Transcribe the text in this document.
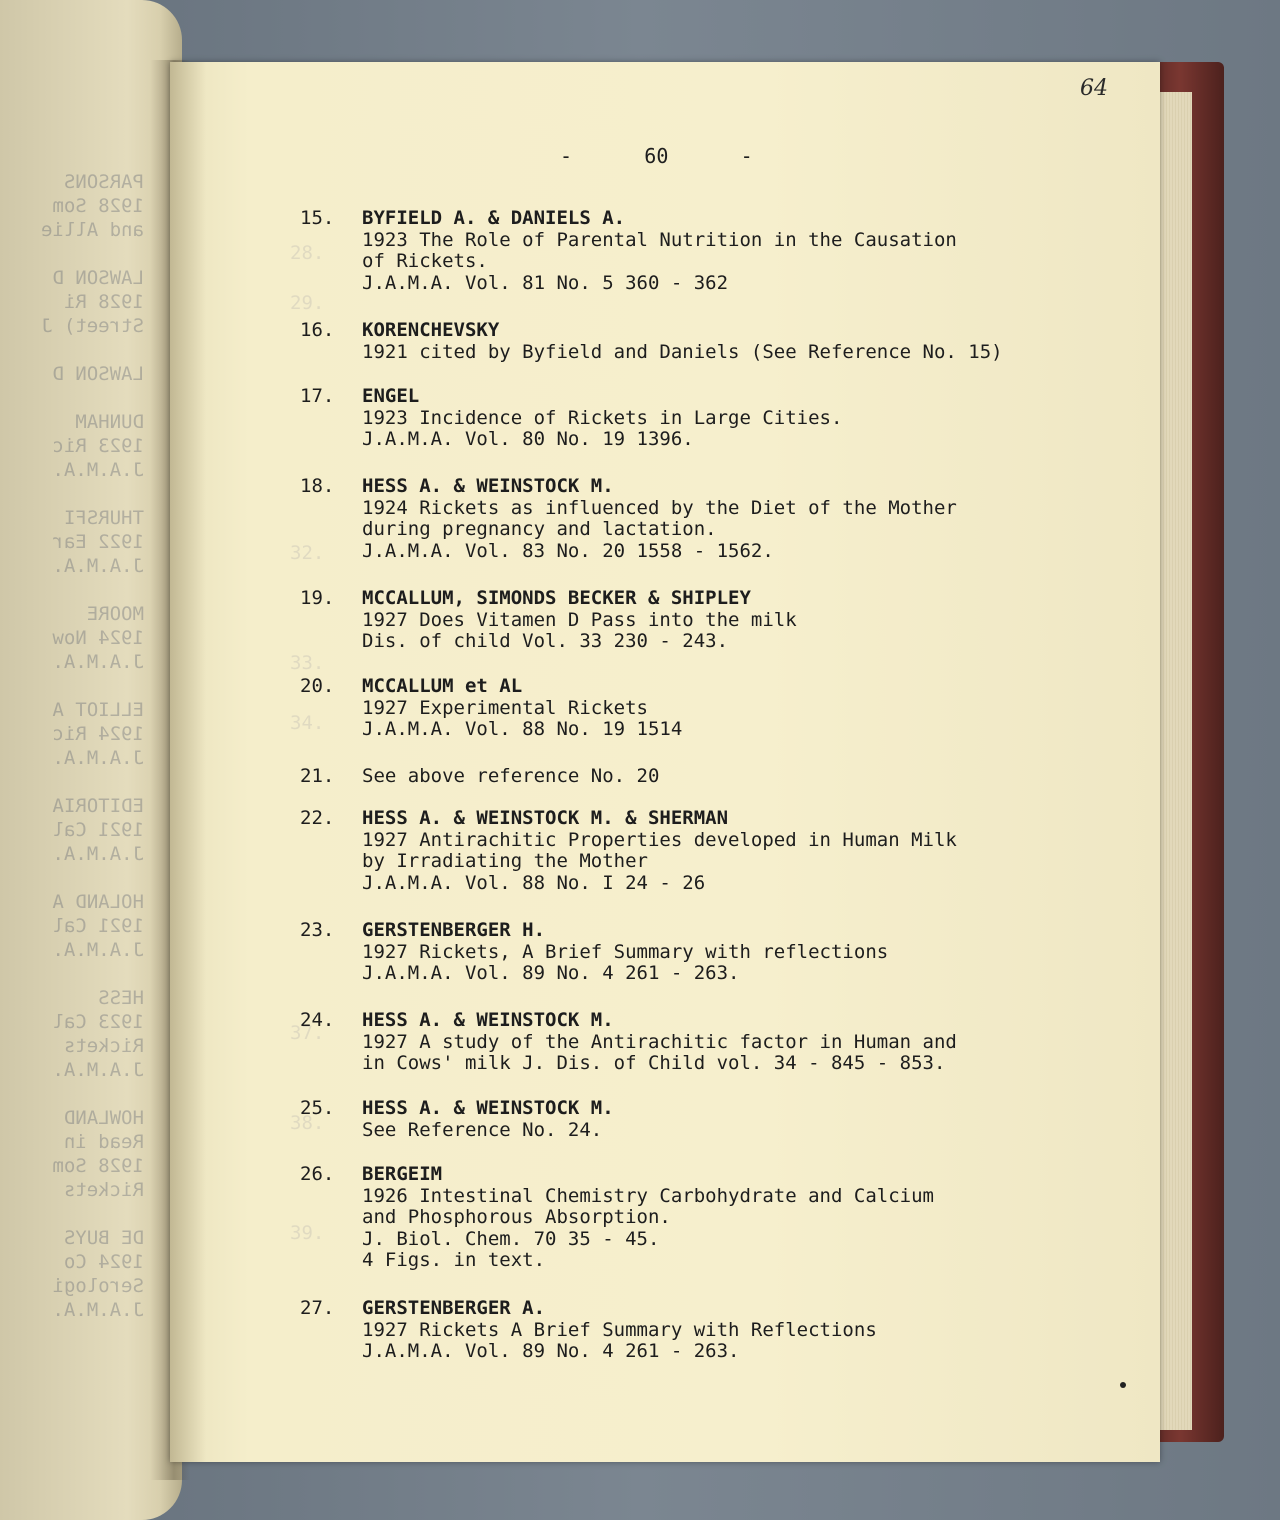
PARSONS
1928 Som
and Allie

LAWSON D
1928 Ri
Street) J

LAWSON D

DUNHAM
1923 Ric
J.A.M.A.

THURSFI
1922 Ear
J.A.M.A.

MOORE
1924 Now
J.A.M.A.

ELLIOT A
1924 Ric
J.A.M.A.

EDITORIA
1921 Cal
J.A.M.A.

HOLAND A
1921 Cal
J.A.M.A.

HESS
1923 Cal
Rickets
J.A.M.A.

HOWLAND
Read in
1928 Som
Rickets

DE BUYS
1924 Co
Serologi
J.A.M.A.
28.
29.
32.
33.
34.
37.
38.
39.
64
-      60      -
15. BYFIELD A. & DANIELS A.
1923 The Role of Parental Nutrition in the Causation
of Rickets.
J.A.M.A. Vol. 81 No. 5 360 - 362
16. KORENCHEVSKY
1921 cited by Byfield and Daniels (See Reference No. 15)
17. ENGEL
1923 Incidence of Rickets in Large Cities.
J.A.M.A. Vol. 80 No. 19 1396.
18. HESS A. & WEINSTOCK M.
1924 Rickets as influenced by the Diet of the Mother
during pregnancy and lactation.
J.A.M.A. Vol. 83 No. 20 1558 - 1562.
19. MCCALLUM, SIMONDS BECKER & SHIPLEY
1927 Does Vitamen D Pass into the milk
Dis. of child Vol. 33 230 - 243.
20. MCCALLUM et AL
1927 Experimental Rickets
J.A.M.A. Vol. 88 No. 19 1514
21. See above reference No. 20
22. HESS A. & WEINSTOCK M. & SHERMAN
1927 Antirachitic Properties developed in Human Milk
by Irradiating the Mother
J.A.M.A. Vol. 88 No. I 24 - 26
23. GERSTENBERGER H.
1927 Rickets, A Brief Summary with reflections
J.A.M.A. Vol. 89 No. 4 261 - 263.
24. HESS A. & WEINSTOCK M.
1927 A study of the Antirachitic factor in Human and
in Cows' milk J. Dis. of Child vol. 34 - 845 - 853.
25. HESS A. & WEINSTOCK M.
See Reference No. 24.
26. BERGEIM
1926 Intestinal Chemistry Carbohydrate and Calcium
and Phosphorous Absorption.
J. Biol. Chem. 70 35 - 45.
4 Figs. in text.
27. GERSTENBERGER A.
1927 Rickets A Brief Summary with Reflections
J.A.M.A. Vol. 89 No. 4 261 - 263.
